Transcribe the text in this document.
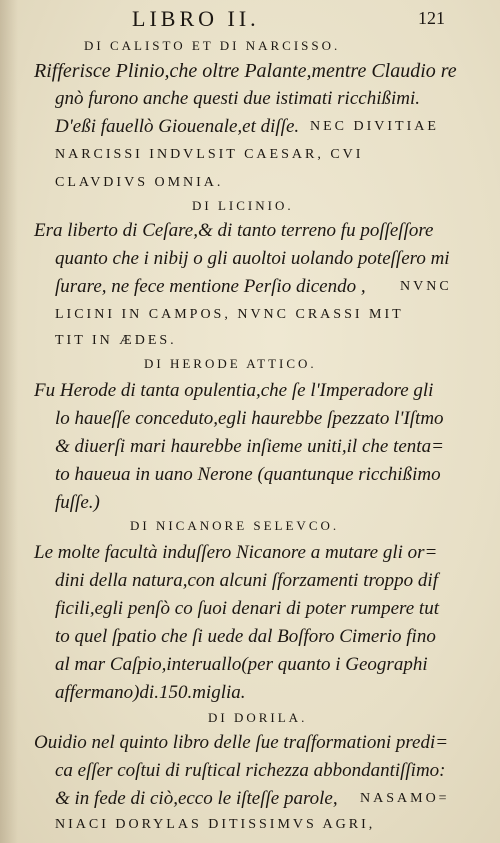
LIBRO II.	121
DI CALISTO ET DI NARCISSO.
Rifferisce Plinio,che oltre Palante,mentre Claudio re
gnò furono anche questi due istimati ricchißimi.
D'eßi fauellò Giouenale,et diſſe. NEC DIVITIAE
NARCISSI INDVLSIT CAESAR, CVI
CLAVDIVS OMNIA.
DI LICINIO.
Era liberto di Ceſare,& di tanto terreno fu poſſeſſore
quanto che i nibij o gli auoltoi uolando poteſſero mi
ſurare, ne fece mentione Perſio dicendo , NVNC
LICINI IN CAMPOS, NVNC CRASSI MIT
TIT IN ÆDES.
DI HERODE ATTICO.
Fu Herode di tanta opulentia,che ſe l'Imperadore gli
lo haueſſe conceduto,egli haurebbe ſpezzato l'Iſtmo
& diuerſi mari haurebbe inſieme uniti,il che tenta=
to haueua in uano Nerone (quantunque ricchißimo
fuſſe.)
DI NICANORE SELEVCO.
Le molte facultà induſſero Nicanore a mutare gli or=
dini della natura,con alcuni ſforzamenti troppo dif
ficili,egli penſò co ſuoi denari di poter rumpere tut
to quel ſpatio che ſi uede dal Boſforo Cimerio fino
al mar Caſpio,interuallo(per quanto i Geographi
affermano)di.150.miglia.
DI DORILA.
Ouidio nel quinto libro delle ſue traſformationi predi=
ca eſſer coſtui di ruſtical richezza abbondantiſſimo:
& in fede di ciò,ecco le iſteſſe parole, NASAMO=
NIACI DORYLAS DITISSIMVS AGRI,
